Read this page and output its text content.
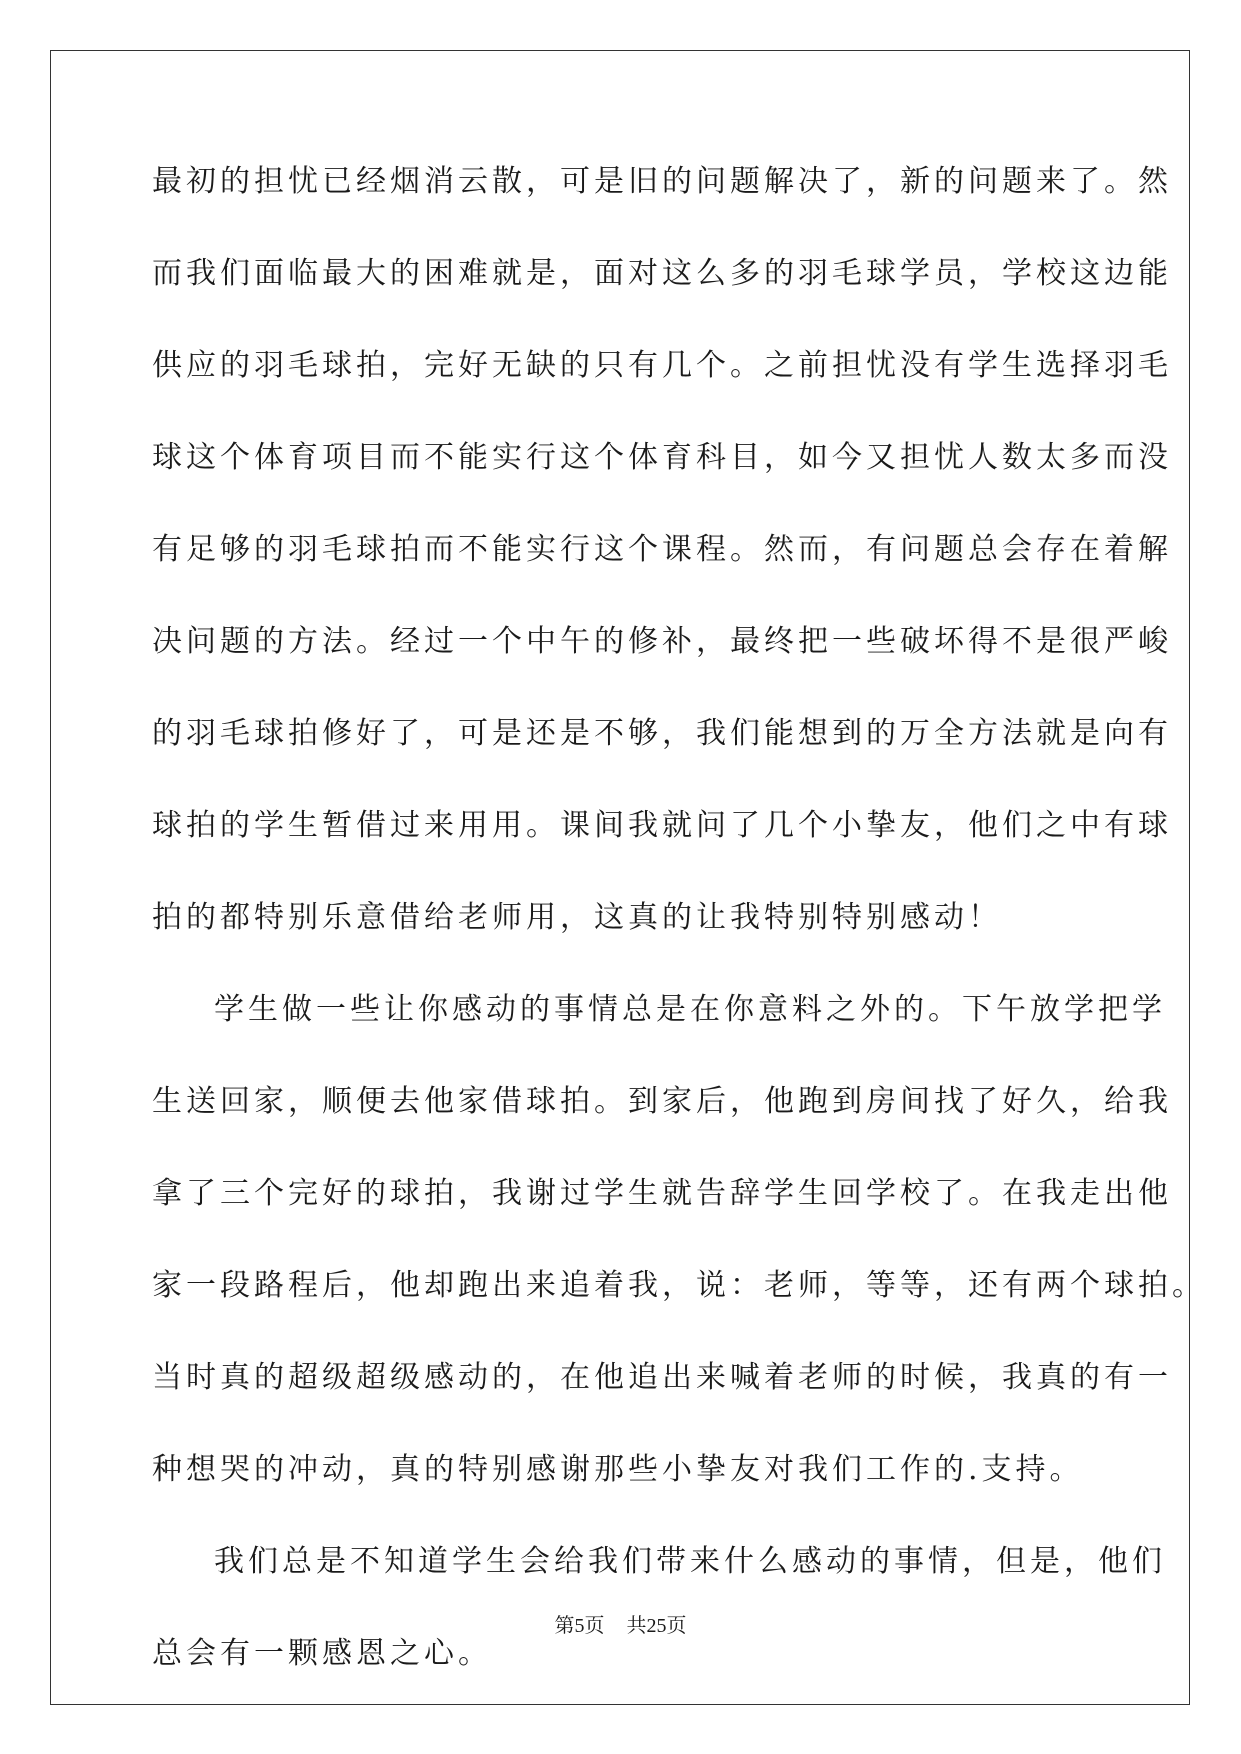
最初的担忧已经烟消云散，可是旧的问题解决了，新的问题来了。然
而我们面临最大的困难就是，面对这么多的羽毛球学员，学校这边能
供应的羽毛球拍，完好无缺的只有几个。之前担忧没有学生选择羽毛
球这个体育项目而不能实行这个体育科目，如今又担忧人数太多而没
有足够的羽毛球拍而不能实行这个课程。然而，有问题总会存在着解
决问题的方法。经过一个中午的修补，最终把一些破坏得不是很严峻
的羽毛球拍修好了，可是还是不够，我们能想到的万全方法就是向有
球拍的学生暂借过来用用。课间我就问了几个小挚友，他们之中有球
拍的都特别乐意借给老师用，这真的让我特别特别感动！
学生做一些让你感动的事情总是在你意料之外的。下午放学把学
生送回家，顺便去他家借球拍。到家后，他跑到房间找了好久，给我
拿了三个完好的球拍，我谢过学生就告辞学生回学校了。在我走出他
家一段路程后，他却跑出来追着我，说：老师，等等，还有两个球拍。
当时真的超级超级感动的，在他追出来喊着老师的时候，我真的有一
种想哭的冲动，真的特别感谢那些小挚友对我们工作的.支持。
我们总是不知道学生会给我们带来什么感动的事情，但是，他们
总会有一颗感恩之心。
第5页 共25页
